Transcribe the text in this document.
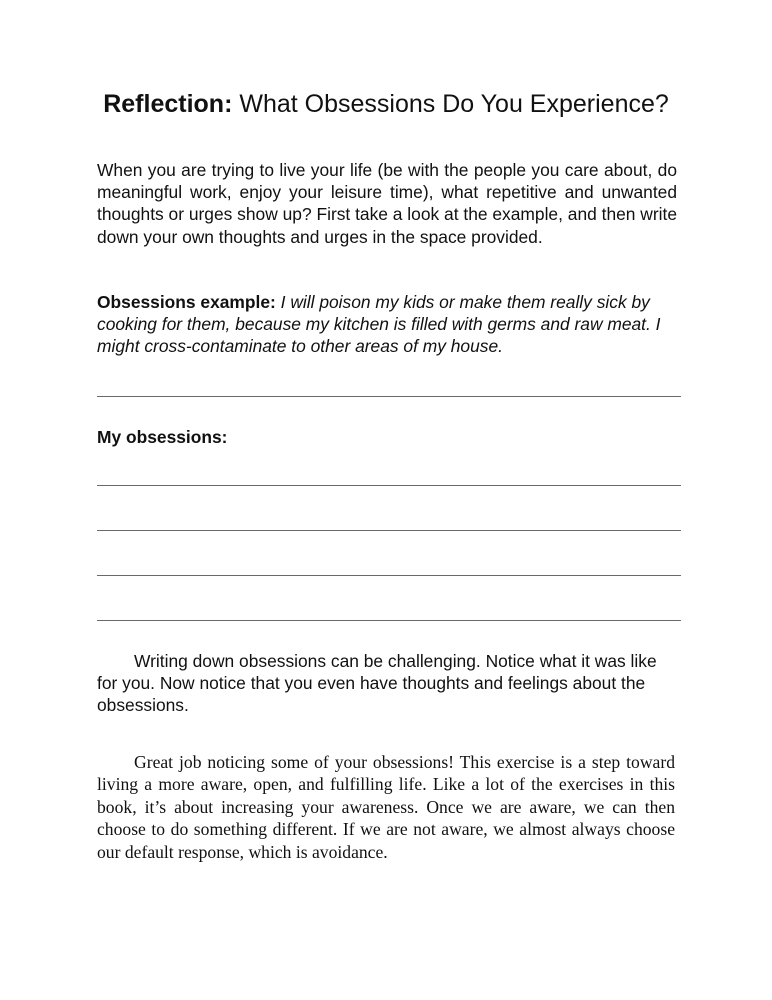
Reflection: What Obsessions Do You Experience?
When you are trying to live your life (be with the people you care about, do meaningful work, enjoy your leisure time), what repetitive and unwanted thoughts or urges show up? First take a look at the example, and then write down your own thoughts and urges in the space provided.
Obsessions example: I will poison my kids or make them really sick by cooking for them, because my kitchen is filled with germs and raw meat. I might cross-contaminate to other areas of my house.
My obsessions:
Writing down obsessions can be challenging. Notice what it was like for you. Now notice that you even have thoughts and feelings about the obsessions.
Great job noticing some of your obsessions! This exercise is a step toward living a more aware, open, and fulfilling life. Like a lot of the exercises in this book, it’s about increasing your awareness. Once we are aware, we can then choose to do something different. If we are not aware, we almost always choose our default response, which is avoidance.
